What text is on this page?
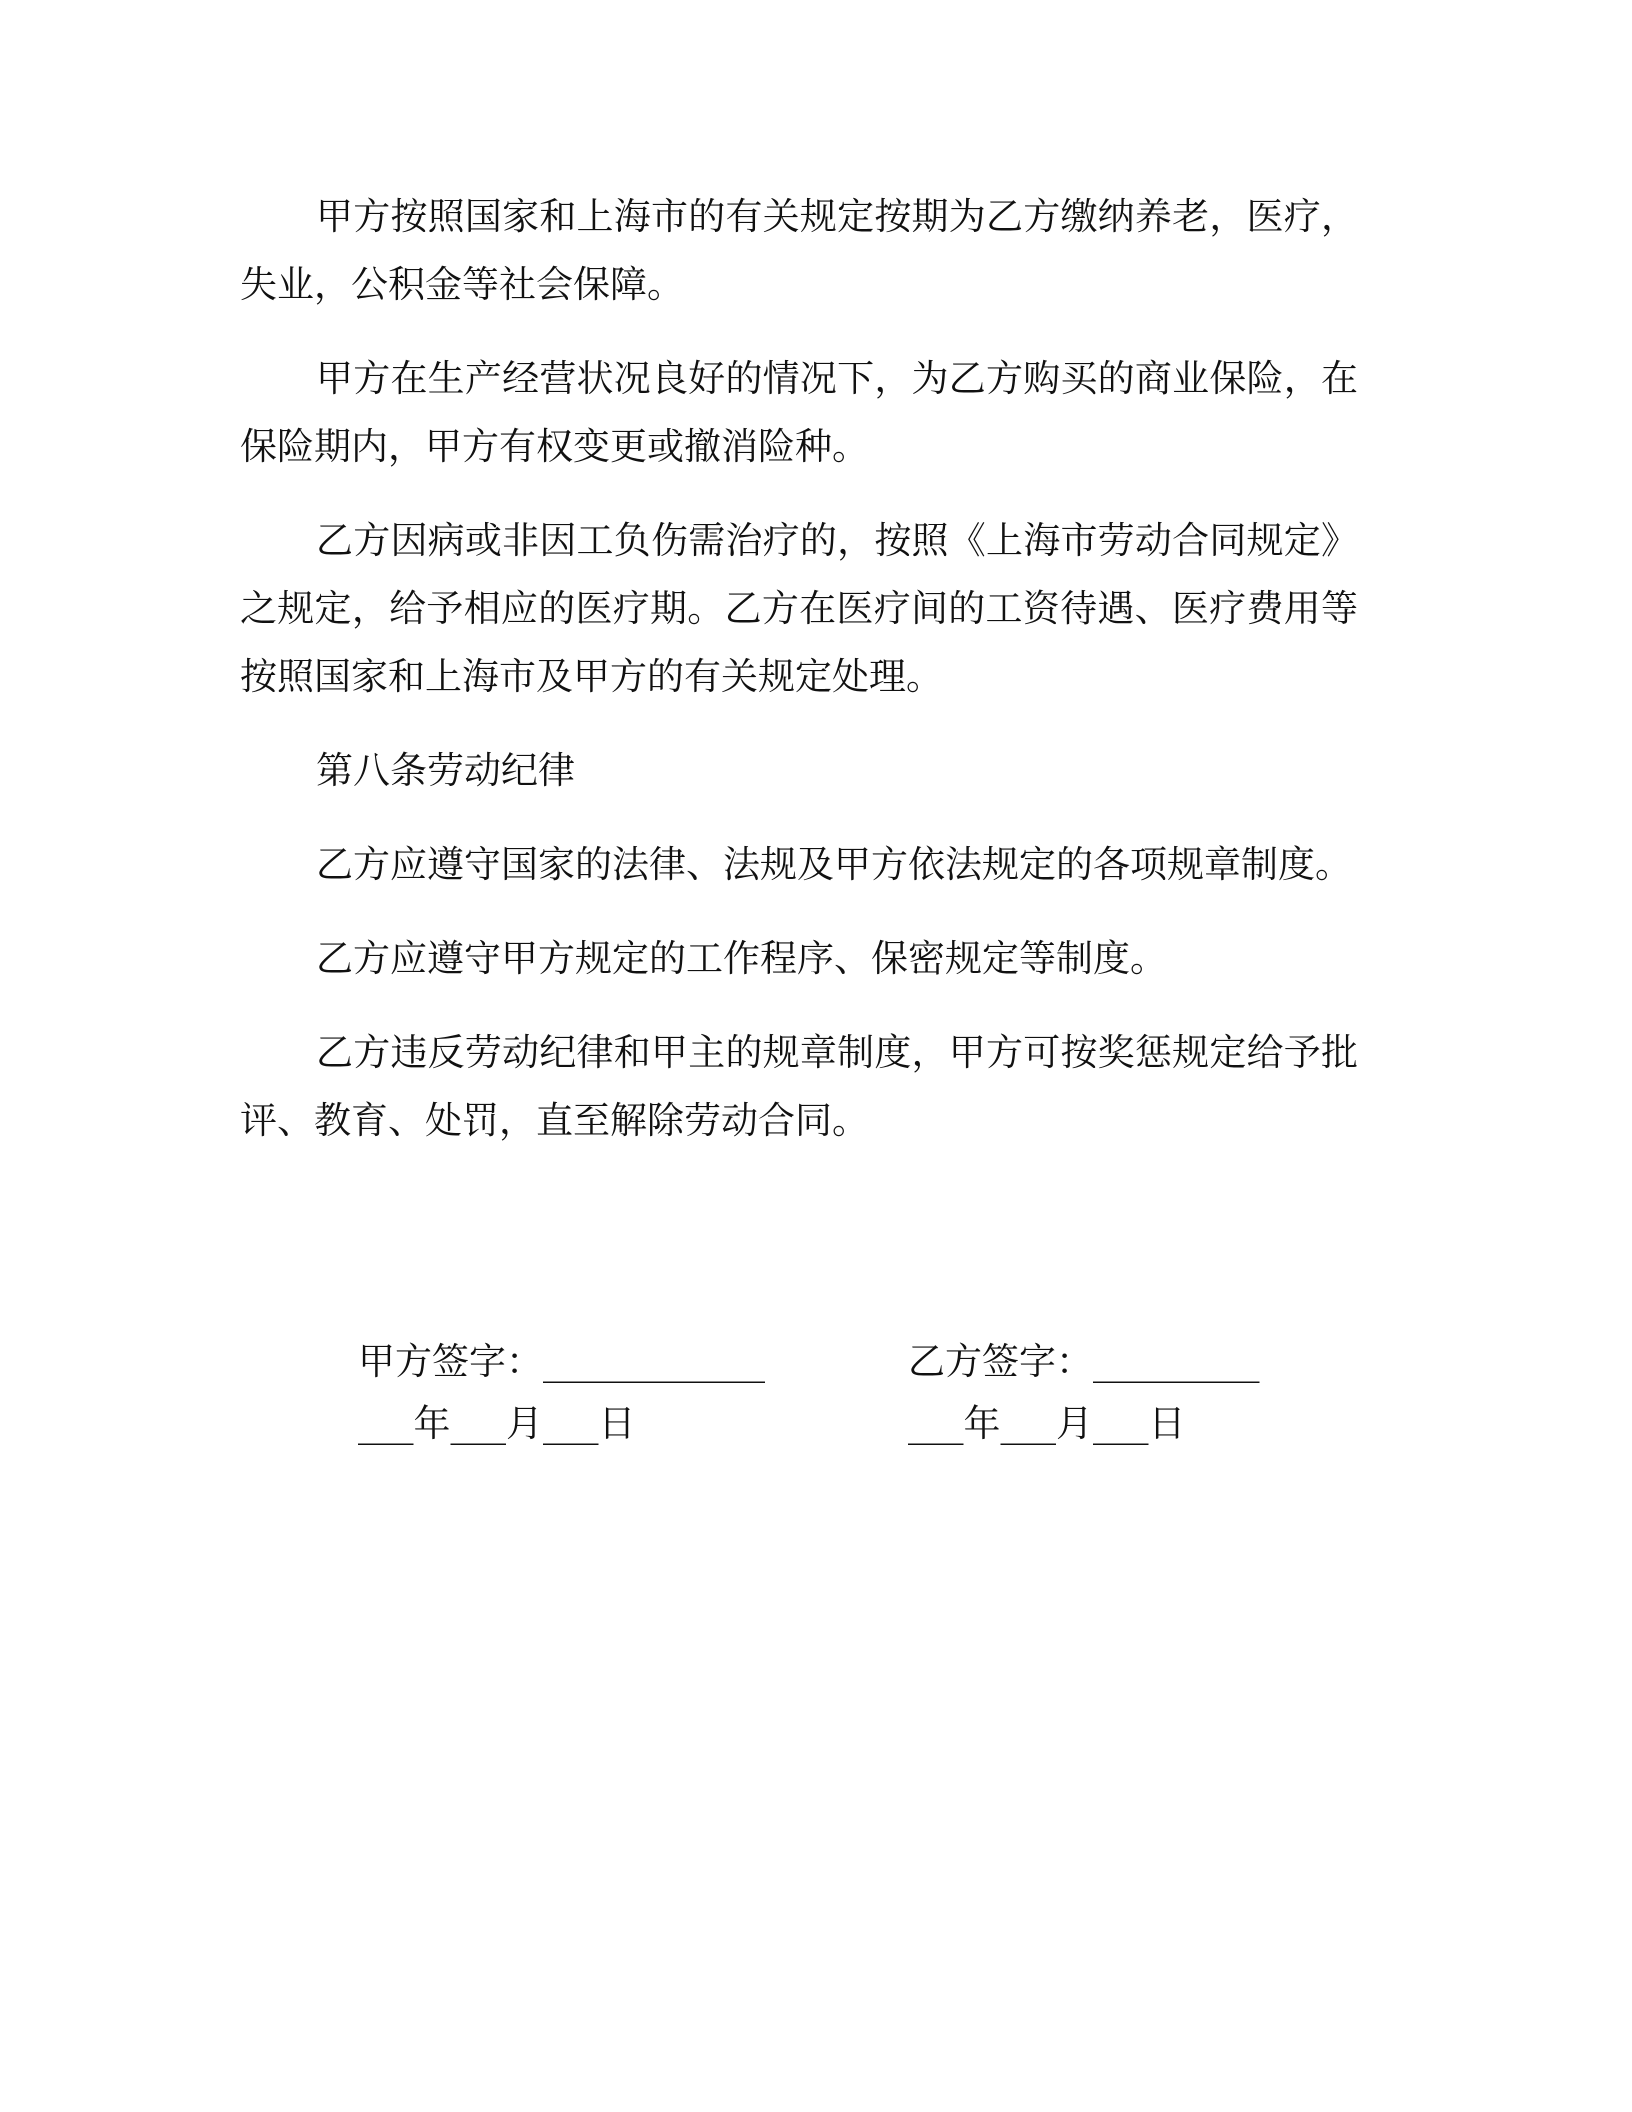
甲方按照国家和上海市的有关规定按期为乙方缴纳养老，医疗，失业，公积金等社会保障。

甲方在生产经营状况良好的情况下，为乙方购买的商业保险，在保险期内，甲方有权变更或撤消险种。

乙方因病或非因工负伤需治疗的，按照《上海市劳动合同规定》之规定，给予相应的医疗期。乙方在医疗间的工资待遇、医疗费用等按照国家和上海市及甲方的有关规定处理。

第八条劳动纪律

乙方应遵守国家的法律、法规及甲方依法规定的各项规章制度。

乙方应遵守甲方规定的工作程序、保密规定等制度。

乙方违反劳动纪律和甲主的规章制度，甲方可按奖惩规定给予批评、教育、处罚，直至解除劳动合同。

甲方签字：____________
___年___月___日
乙方签字：_________
___年___月___日
